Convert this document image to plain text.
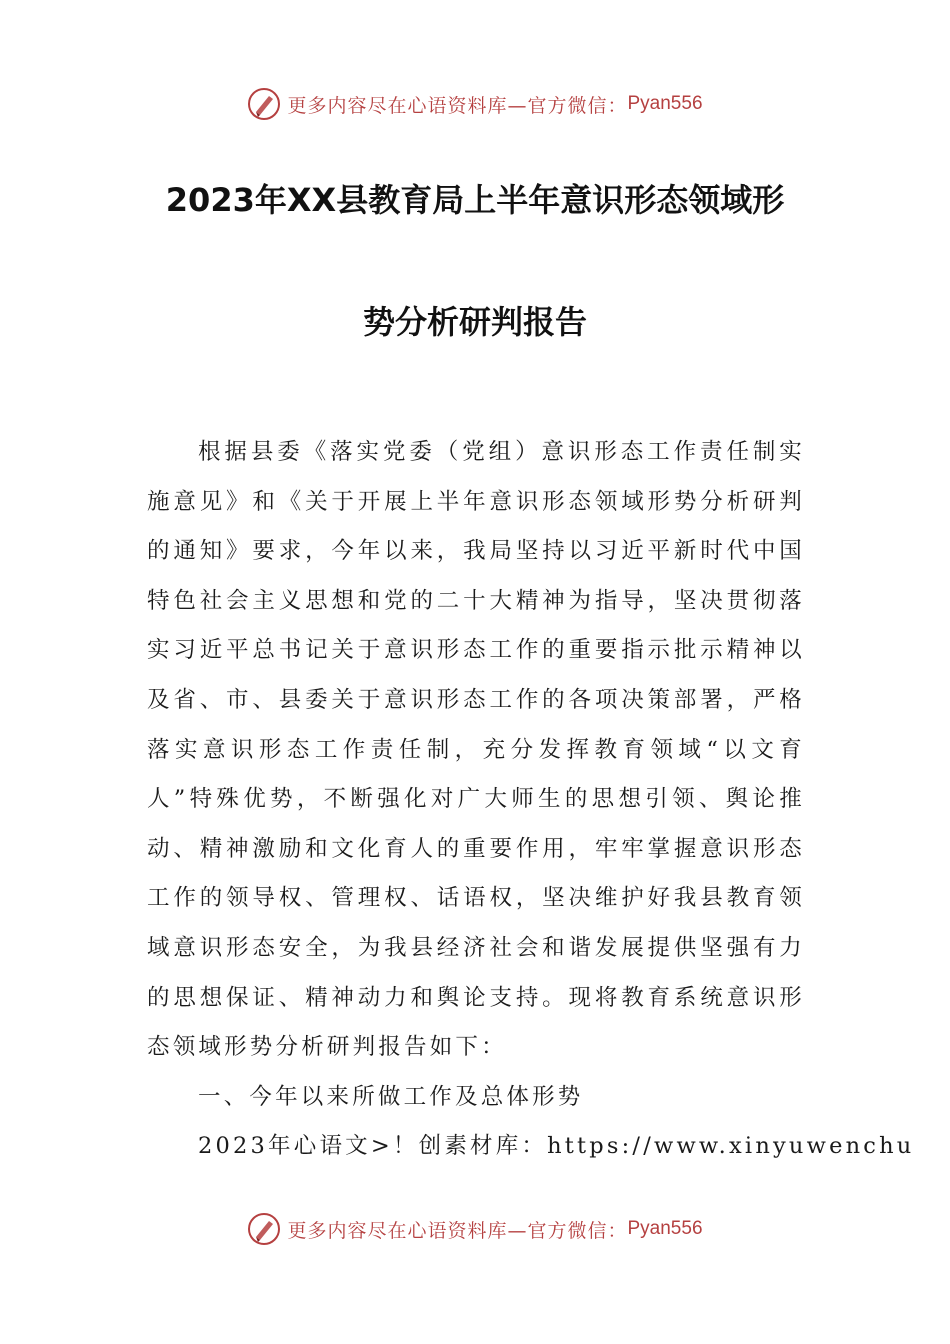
更多内容尽在心语资料库—官方微信： Pyan556
2023年XX县教育局上半年意识形态领域形
势分析研判报告

根据县委《落实党委（党组）意识形态工作责任制实施意见》和《关于开展上半年意识形态领域形势分析研判的通知》要求，今年以来，我局坚持以习近平新时代中国特色社会主义思想和党的二十大精神为指导，坚决贯彻落实习近平总书记关于意识形态工作的重要指示批示精神以及省、市、县委关于意识形态工作的各项决策部署，严格落实意识形态工作责任制，充分发挥教育领域“以文育人”特殊优势，不断强化对广大师生的思想引领、舆论推动、精神激励和文化育人的重要作用，牢牢掌握意识形态工作的领导权、管理权、话语权，坚决维护好我县教育领域意识形态安全，为我县经济社会和谐发展提供坚强有力的思想保证、精神动力和舆论支持。现将教育系统意识形态领域形势分析研判报告如下：

一、今年以来所做工作及总体形势

2023年心语文>！创素材库：https://www.xinyuwenchu

更多内容尽在心语资料库—官方微信： Pyan556
